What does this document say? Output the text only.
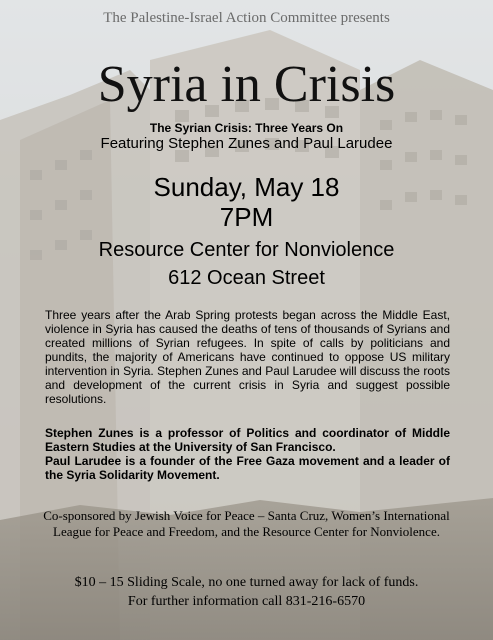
The Palestine-Israel Action Committee presents
Syria in Crisis
The Syrian Crisis: Three Years On
Featuring Stephen Zunes and Paul Larudee
Sunday, May 18
7PM
Resource Center for Nonviolence
612 Ocean Street
Three years after the Arab Spring protests began across the Middle East, violence in Syria has caused the deaths of tens of thousands of Syrians and created millions of Syrian refugees. In spite of calls by politicians and pundits, the majority of Americans have continued to oppose US military intervention in Syria. Stephen Zunes and Paul Larudee will discuss the roots and development of the current crisis in Syria and suggest possible resolutions.
Stephen Zunes is a professor of Politics and coordinator of Middle Eastern Studies at the University of San Francisco.
Paul Larudee is a founder of the Free Gaza movement and a leader of the Syria Solidarity Movement.
Co-sponsored by Jewish Voice for Peace – Santa Cruz, Women’s International League for Peace and Freedom, and the Resource Center for Nonviolence.
$10 – 15 Sliding Scale, no one turned away for lack of funds.
For further information call 831-216-6570
